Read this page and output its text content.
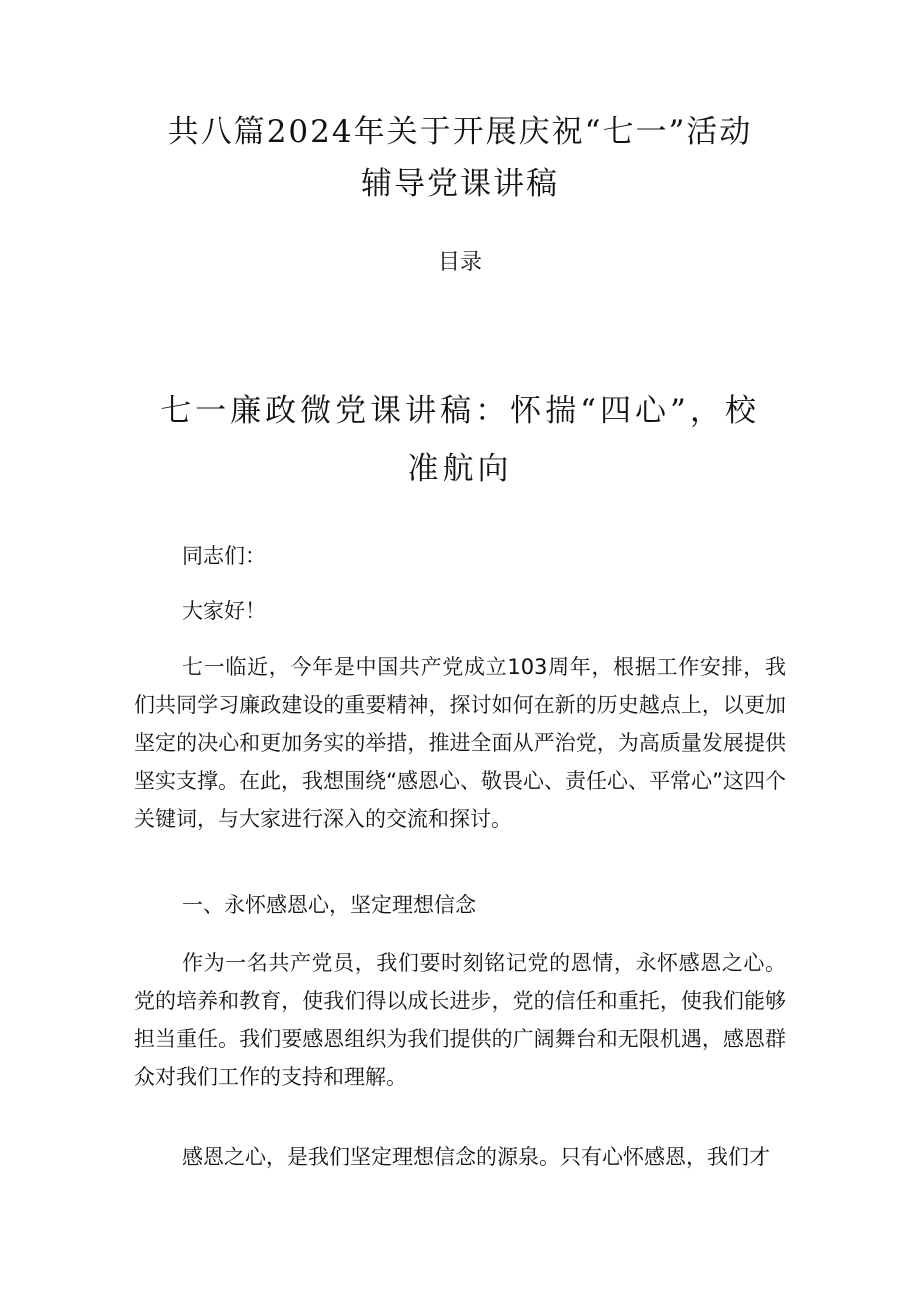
共八篇2024年关于开展庆祝“七一”活动
辅导党课讲稿

目录

七一廉政微党课讲稿：怀揣“四心”，校
准航向

同志们：

大家好！

七一临近，今年是中国共产党成立103周年，根据工作安排，我们共同学习廉政建设的重要精神，探讨如何在新的历史越点上，以更加坚定的决心和更加务实的举措，推进全面从严治党，为高质量发展提供坚实支撑。在此，我想围绕“感恩心、敬畏心、责任心、平常心”这四个关键词，与大家进行深入的交流和探讨。

一、永怀感恩心，坚定理想信念

作为一名共产党员，我们要时刻铭记党的恩情，永怀感恩之心。党的培养和教育，使我们得以成长进步，党的信任和重托，使我们能够担当重任。我们要感恩组织为我们提供的广阔舞台和无限机遇，感恩群众对我们工作的支持和理解。

感恩之心，是我们坚定理想信念的源泉。只有心怀感恩，我们才
